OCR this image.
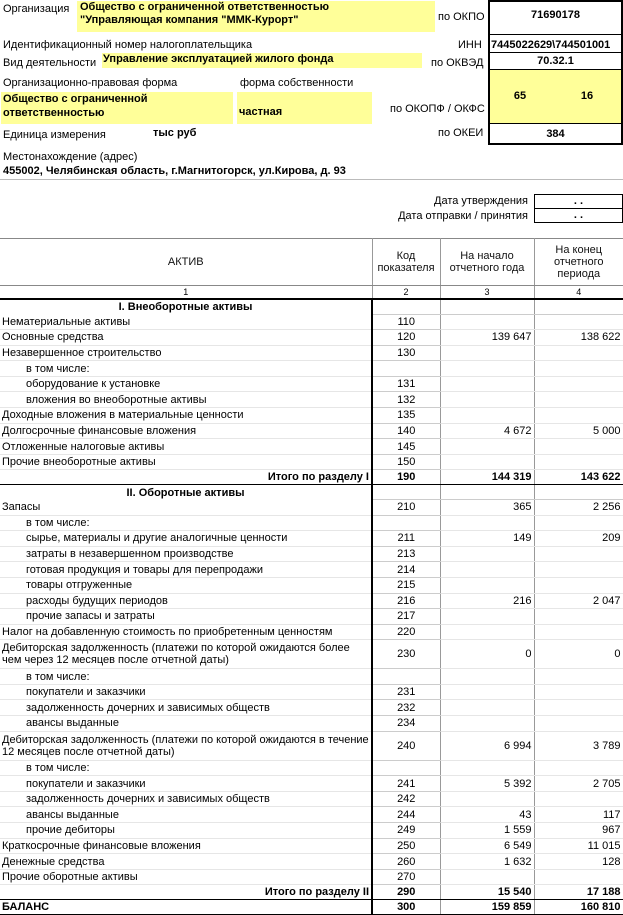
Организация Общество с ограниченной ответственностью
"Управляющая компания "ММК-Курорт"	по ОКПО	71690178
Идентификационный номер налогоплательщика	ИНН 7445022629\744501001
Вид деятельности Управление эксплуатацией жилого фонда	по ОКВЭД	70.32.1
Организационно-правовая форма	форма собственности
Общество с ограниченной
ответственностью	частная	по ОКОПФ / ОКФС
65	16
Единица измерения	тыс руб	по ОКЕИ	384
Местонахождение (адрес)
455002, Челябинская область, г.Магнитогорск, ул.Кирова, д. 93
Дата утверждения	. .
Дата отправки / принятия	. .
АКТИВ	Код показателя	На начало отчетного года	На конец отчетного периода
1	2	3	4
I. Внеоборотные активы			
Нематериальные активы	110		
Основные средства	120	139 647	138 622
Незавершенное строительство	130		
в том числе:			
оборудование к установке	131		
вложения во внеоборотные активы	132		
Доходные вложения в материальные ценности	135		
Долгосрочные финансовые вложения	140	4 672	5 000
Отложенные налоговые активы	145		
Прочие внеоборотные активы	150		
Итого по разделу I	190	144 319	143 622
II. Оборотные активы			
Запасы	210	365	2 256
в том числе:			
сырье, материалы и другие аналогичные ценности	211	149	209
затраты в незавершенном производстве	213		
готовая продукция и товары для перепродажи	214		
товары отгруженные	215		
расходы будущих периодов	216	216	2 047
прочие запасы и затраты	217		
Налог на добавленную стоимость по приобретенным ценностям	220		
Дебиторская задолженность (платежи по которой ожидаются более чем через 12 месяцев после отчетной даты)	230	0	0
в том числе:			
покупатели и заказчики	231		
задолженность дочерних и зависимых обществ	232		
авансы выданные	234		
Дебиторская задолженность (платежи по которой ожидаются в течение 12 месяцев после отчетной даты)	240	6 994	3 789
в том числе:			
покупатели и заказчики	241	5 392	2 705
задолженность дочерних и зависимых обществ	242		
авансы выданные	244	43	117
прочие дебиторы	249	1 559	967
Краткосрочные финансовые вложения	250	6 549	11 015
Денежные средства	260	1 632	128
Прочие оборотные активы	270		
Итого по разделу II	290	15 540	17 188
БАЛАНС	300	159 859	160 810
